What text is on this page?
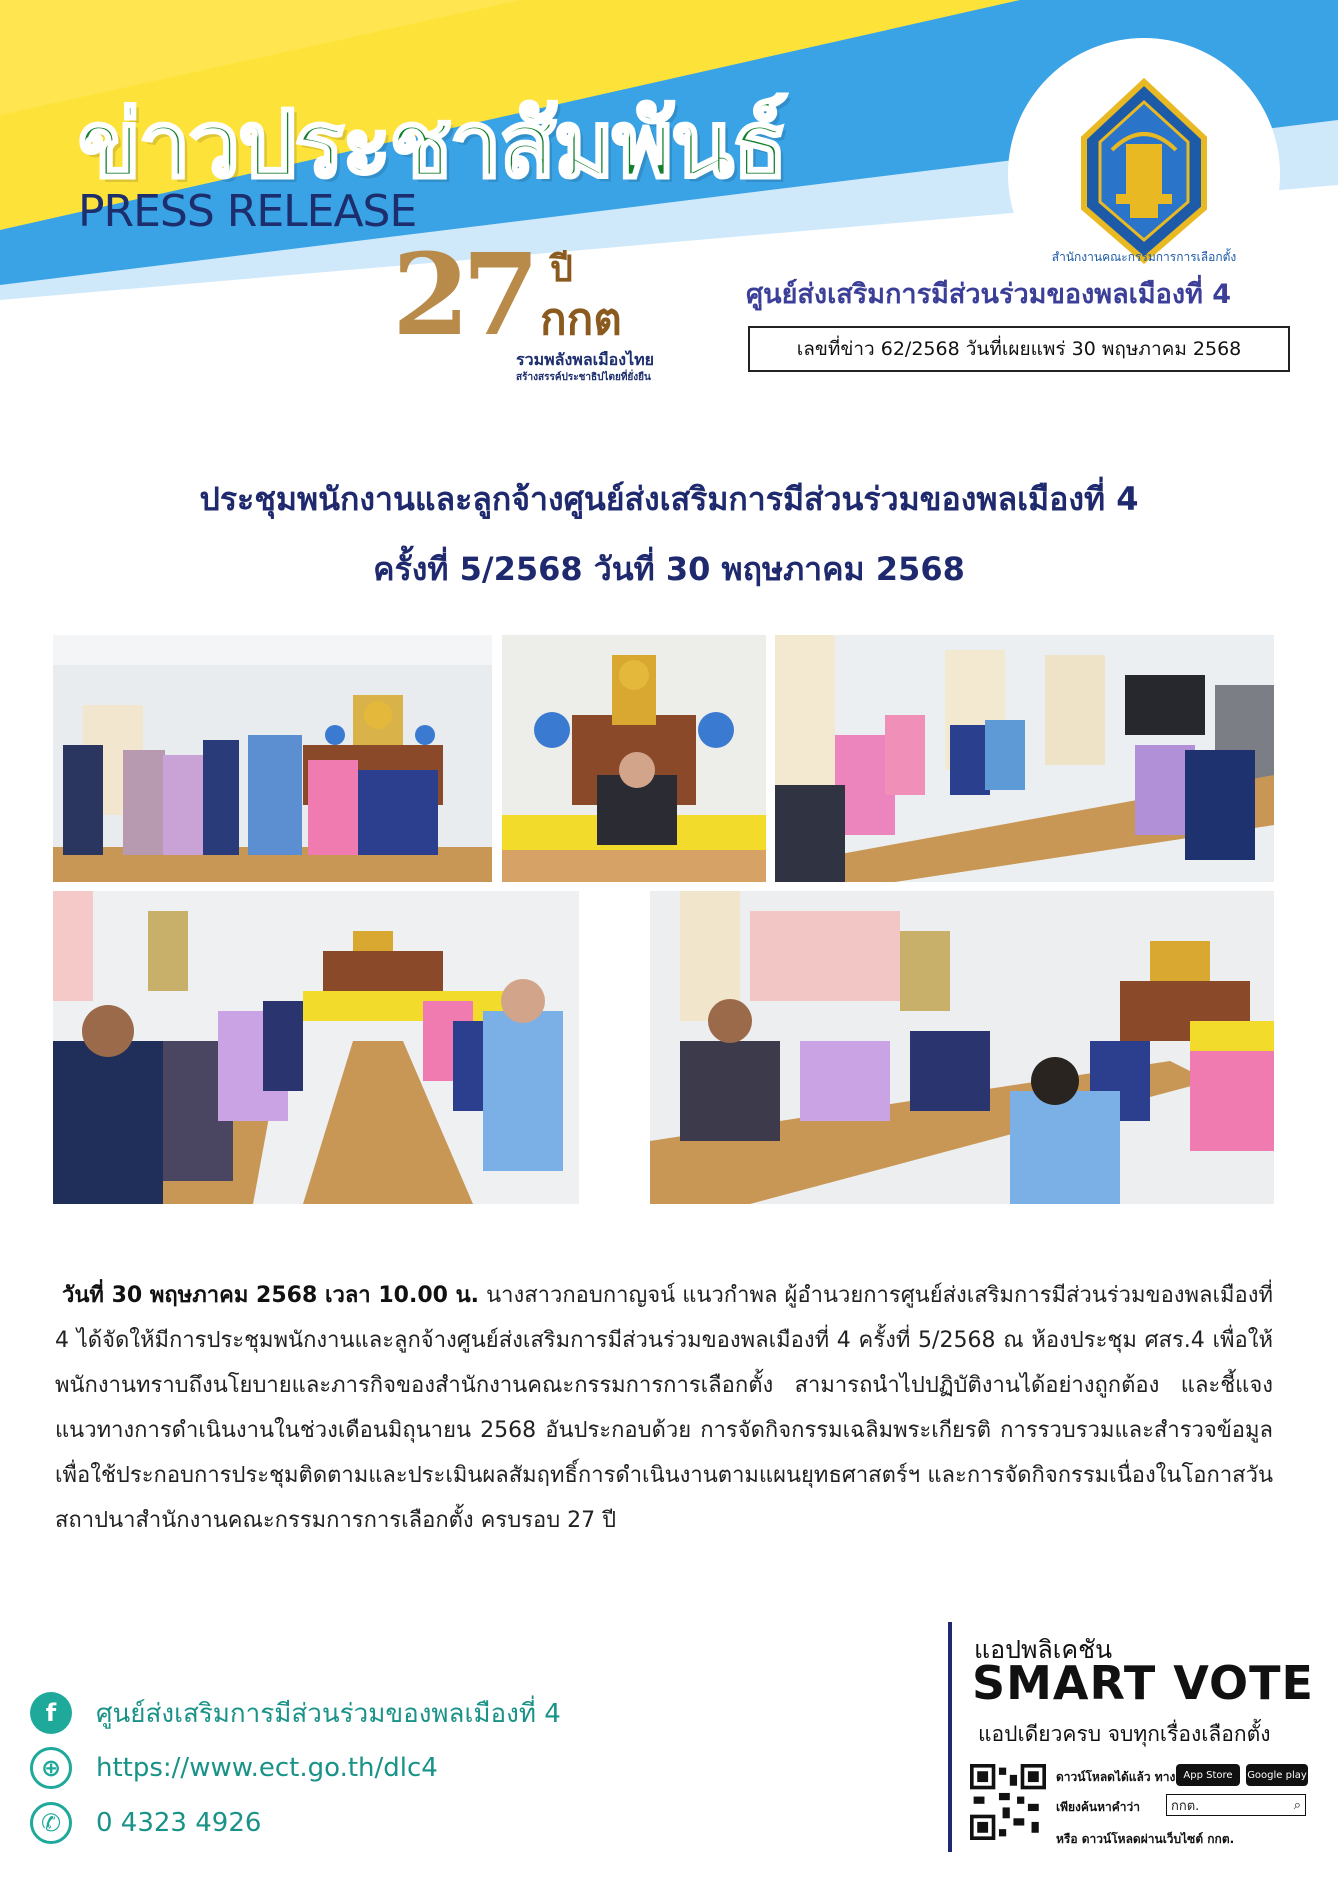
ข่าวประชาสัมพันธ์
PRESS RELEASE
สำนักงานคณะกรรมการการเลือกตั้ง
27 ปี
กกต
รวมพลังพลเมืองไทย
สร้างสรรค์ประชาธิปไตยที่ยั่งยืน
ศูนย์ส่งเสริมการมีส่วนร่วมของพลเมืองที่ 4
เลขที่ข่าว 62/2568 วันที่เผยแพร่ 30 พฤษภาคม 2568
ประชุมพนักงานและลูกจ้างศูนย์ส่งเสริมการมีส่วนร่วมของพลเมืองที่ 4
ครั้งที่ 5/2568 วันที่ 30 พฤษภาคม 2568
วันที่ 30 พฤษภาคม 2568 เวลา 10.00 น. นางสาวกอบกาญจน์ แนวกำพล ผู้อำนวยการศูนย์ส่งเสริมการมีส่วนร่วมของพลเมืองที่ 4 ได้จัดให้มีการประชุมพนักงานและลูกจ้างศูนย์ส่งเสริมการมีส่วนร่วมของพลเมืองที่ 4 ครั้งที่ 5/2568 ณ ห้องประชุม ศสร.4 เพื่อให้พนักงานทราบถึงนโยบายและภารกิจของสำนักงานคณะกรรมการการเลือกตั้ง สามารถนำไปปฏิบัติงานได้อย่างถูกต้อง และชี้แจงแนวทางการดำเนินงานในช่วงเดือนมิถุนายน 2568 อันประกอบด้วย การจัดกิจกรรมเฉลิมพระเกียรติ การรวบรวมและสำรวจข้อมูลเพื่อใช้ประกอบการประชุมติดตามและประเมินผลสัมฤทธิ์การดำเนินงานตามแผนยุทธศาสตร์ฯ และการจัดกิจกรรมเนื่องในโอกาสวันสถาปนาสำนักงานคณะกรรมการการเลือกตั้ง ครบรอบ 27 ปี
f	ศูนย์ส่งเสริมการมีส่วนร่วมของพลเมืองที่ 4
⊕	https://www.ect.go.th/dlc4
✆	0 4323 4926
แอปพลิเคชัน
SMART VOTE
แอปเดียวครบ จบทุกเรื่องเลือกตั้ง
ดาวน์โหลดได้แล้ว ทาง App Store Google play
เพียงค้นหาคำว่า กกต.	⌕
หรือ ดาวน์โหลดผ่านเว็บไซต์ กกต.
